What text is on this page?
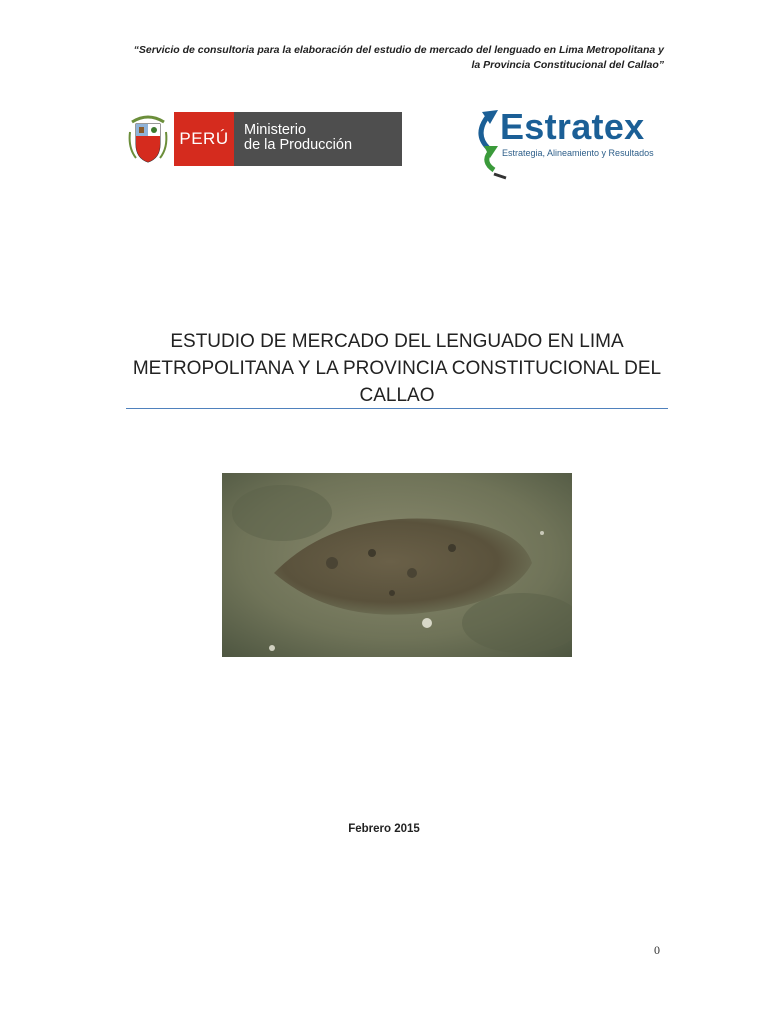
“Servicio de consultoria para la elaboración del estudio de mercado del lenguado en Lima Metropolitana y
la Provincia Constitucional del Callao”
PERÚ	Ministerio
de la Producción	Estratex
Estrategia, Alineamiento y Resultados
ESTUDIO DE MERCADO DEL LENGUADO EN LIMA
METROPOLITANA Y LA PROVINCIA CONSTITUCIONAL DEL
CALLAO
Febrero 2015
0
